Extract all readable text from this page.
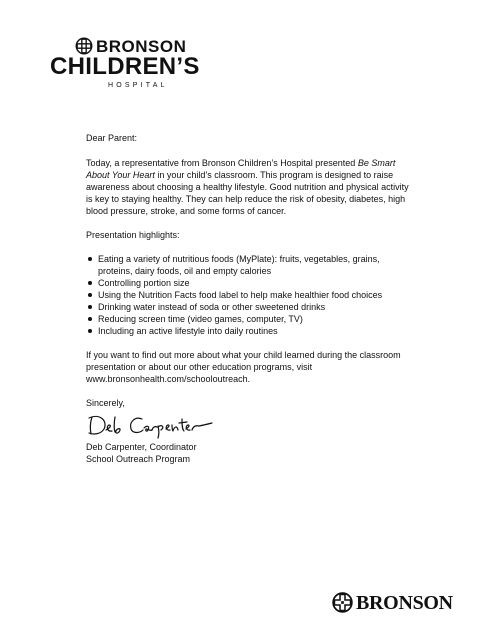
BRONSON
CHILDREN’S
HOSPITAL

Dear Parent:

Today, a representative from Bronson Children’s Hospital presented Be Smart About Your Heart in your child’s classroom. This program is designed to raise awareness about choosing a healthy lifestyle. Good nutrition and physical activity is key to staying healthy. They can help reduce the risk of obesity, diabetes, high blood pressure, stroke, and some forms of cancer.

Presentation highlights:

Eating a variety of nutritious foods (MyPlate): fruits, vegetables, grains, proteins, dairy foods, oil and empty calories
Controlling portion size
Using the Nutrition Facts food label to help make healthier food choices
Drinking water instead of soda or other sweetened drinks
Reducing screen time (video games, computer, TV)
Including an active lifestyle into daily routines

If you want to find out more about what your child learned during the classroom presentation or about our other education programs, visit www.bronsonhealth.com/schooloutreach.

Sincerely,

Deb Carpenter, Coordinator

School Outreach Program

BRONSON
